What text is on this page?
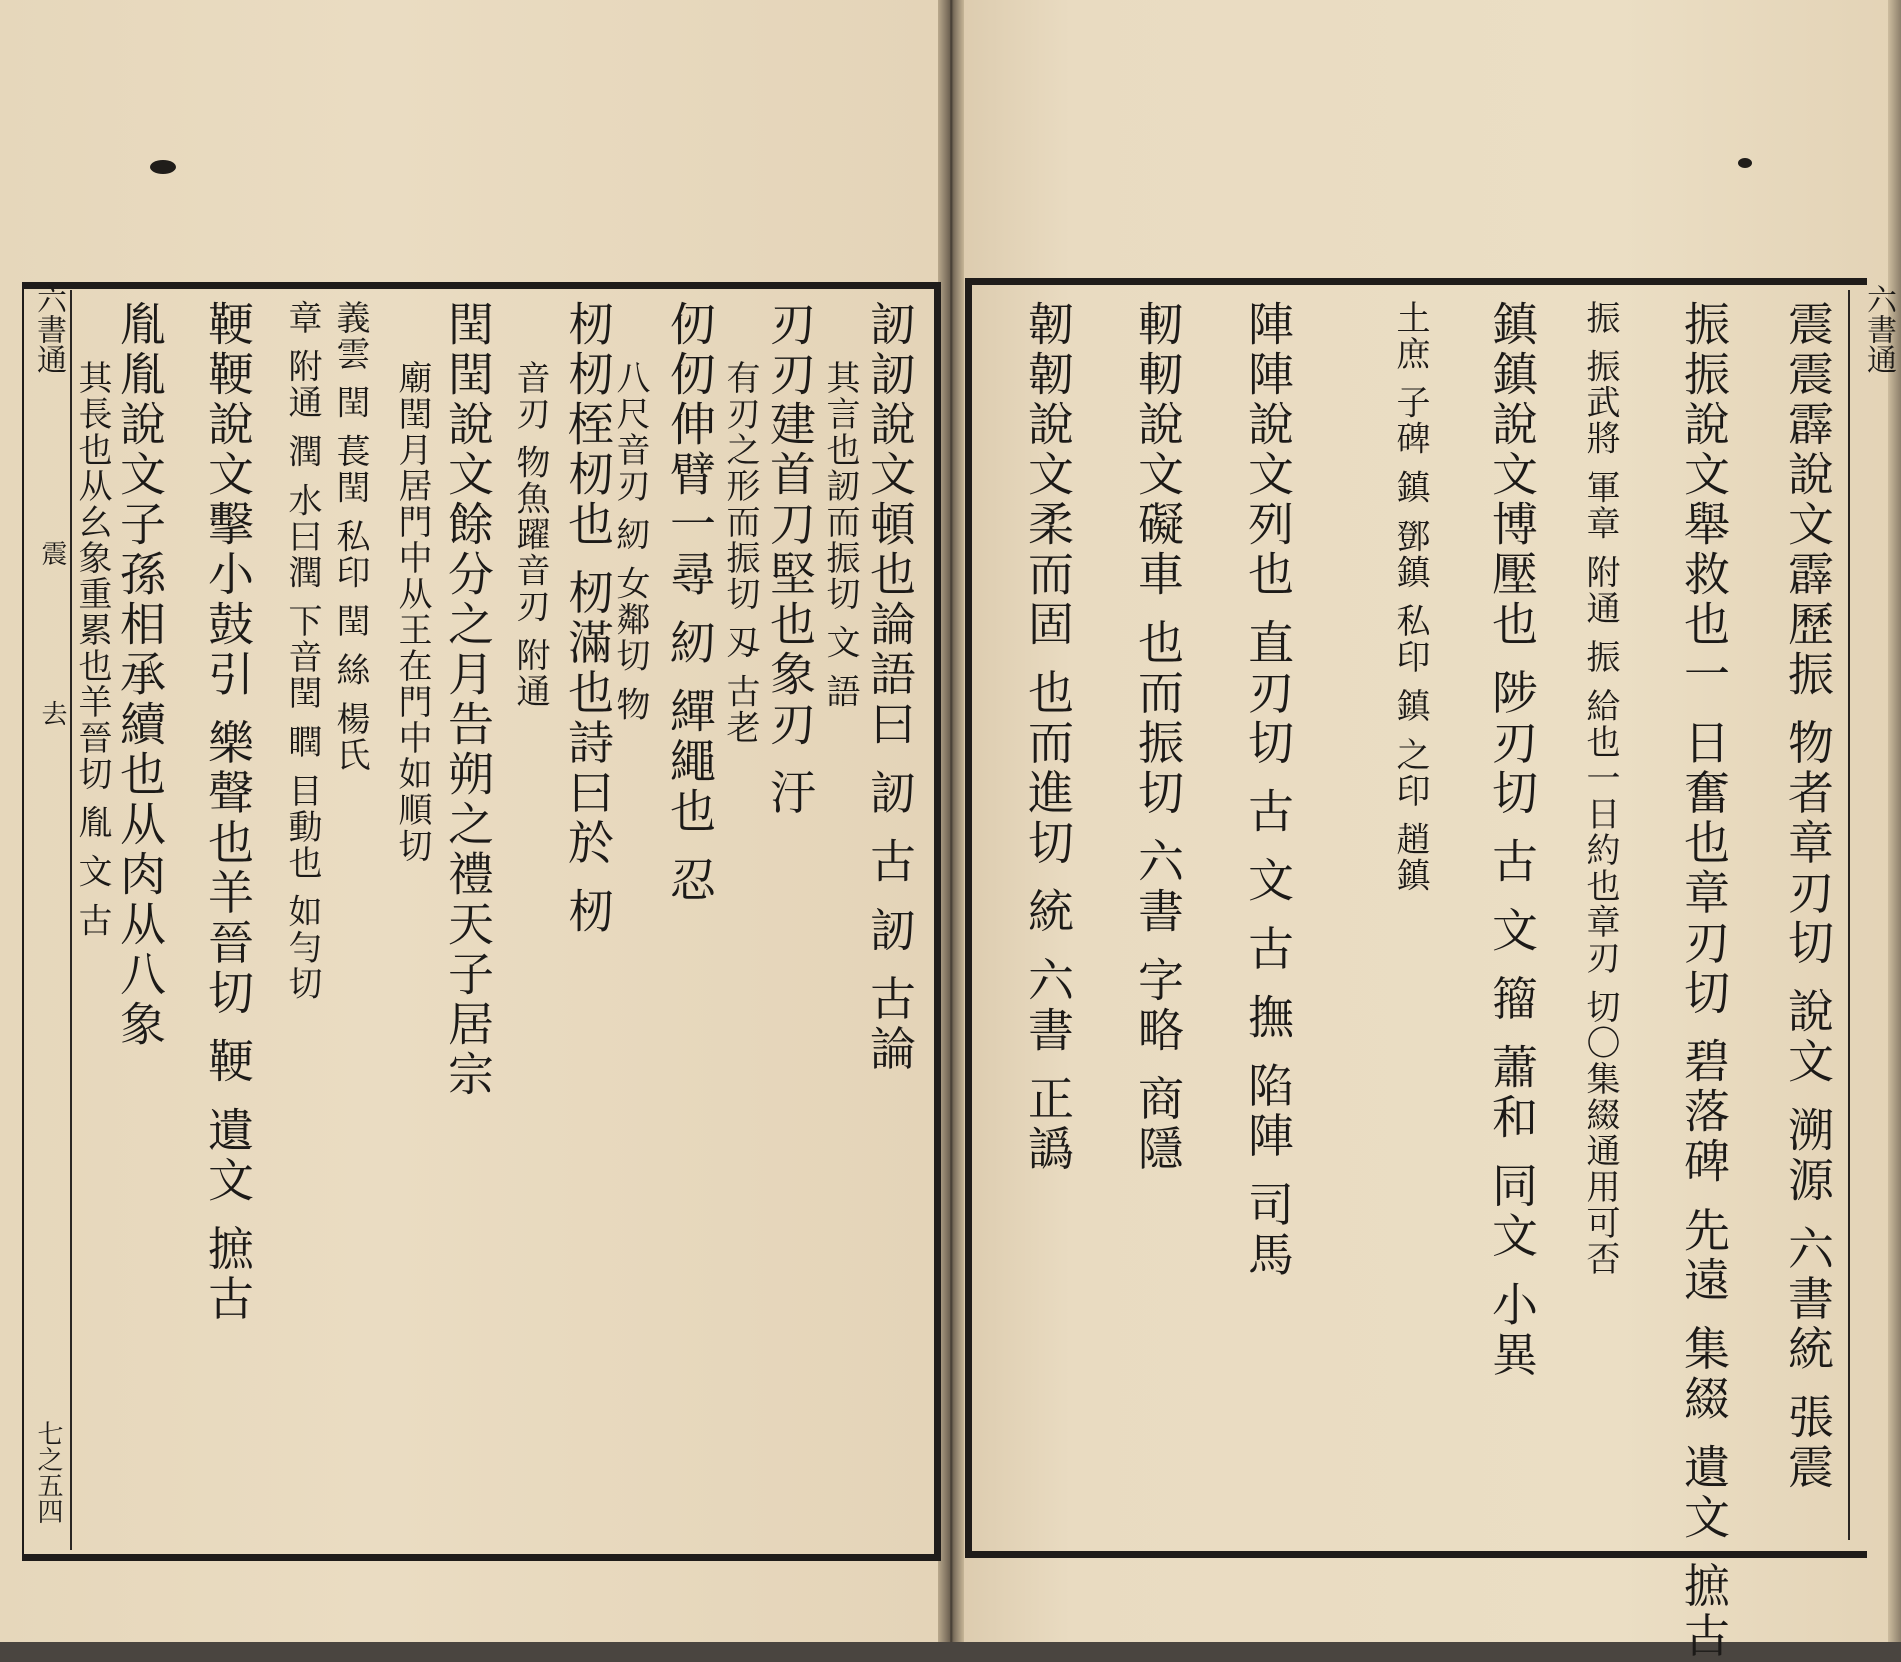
六書通
震
去
七之五四
訒訒說文頓也論語曰 訒 古 訒 古論
其言也訒而振切 文 語
刃刃建首刀堅也象刃 汙
有刃之形而振切 刄 古老
仞仞伸臂一尋 紉 繟繩也 忍
八尺音刃 紉 女鄰切 物
杒杒桎杒也 杒滿也詩曰於 杒
音刃 物魚躍音刃 附通
閏閏說文餘分之月告朔之禮天子居宗
廟閏月居門中从王在門中如順切
義雲 閏 萇閏 私印 閏 絲 楊氏
章 附通 潤 水曰潤 下音閏 瞤 目動也 如勻切
鞕鞕說文擊小鼓引 樂聲也羊晉切 鞕 遺文 摭古
胤胤說文子孫相承續也从肉从八象
其長也从幺象重累也羊晉切 胤 文 古
六書通
震震霹說文霹歷振 物者章刃切 說文 溯源 六書統 張震
振振說文舉救也一 日奮也章刃切 碧落碑 先遠 集綴 遺文 摭古
振 振武將 軍章 附通 振 給也一日約也章刃 切〇集綴通用可否
鎮鎮說文博壓也 陟刃切 古 文 籀 蕭和 同文 小異
土庶 子碑 鎮 鄧鎮 私印 鎮 之印 趙鎮
陣陣說文列也 直刃切 古 文 古 撫 陷陣 司馬
軔軔說文礙車 也而振切 六書 字略 商隱
韌韌說文柔而固 也而進切 統 六書 正譌
